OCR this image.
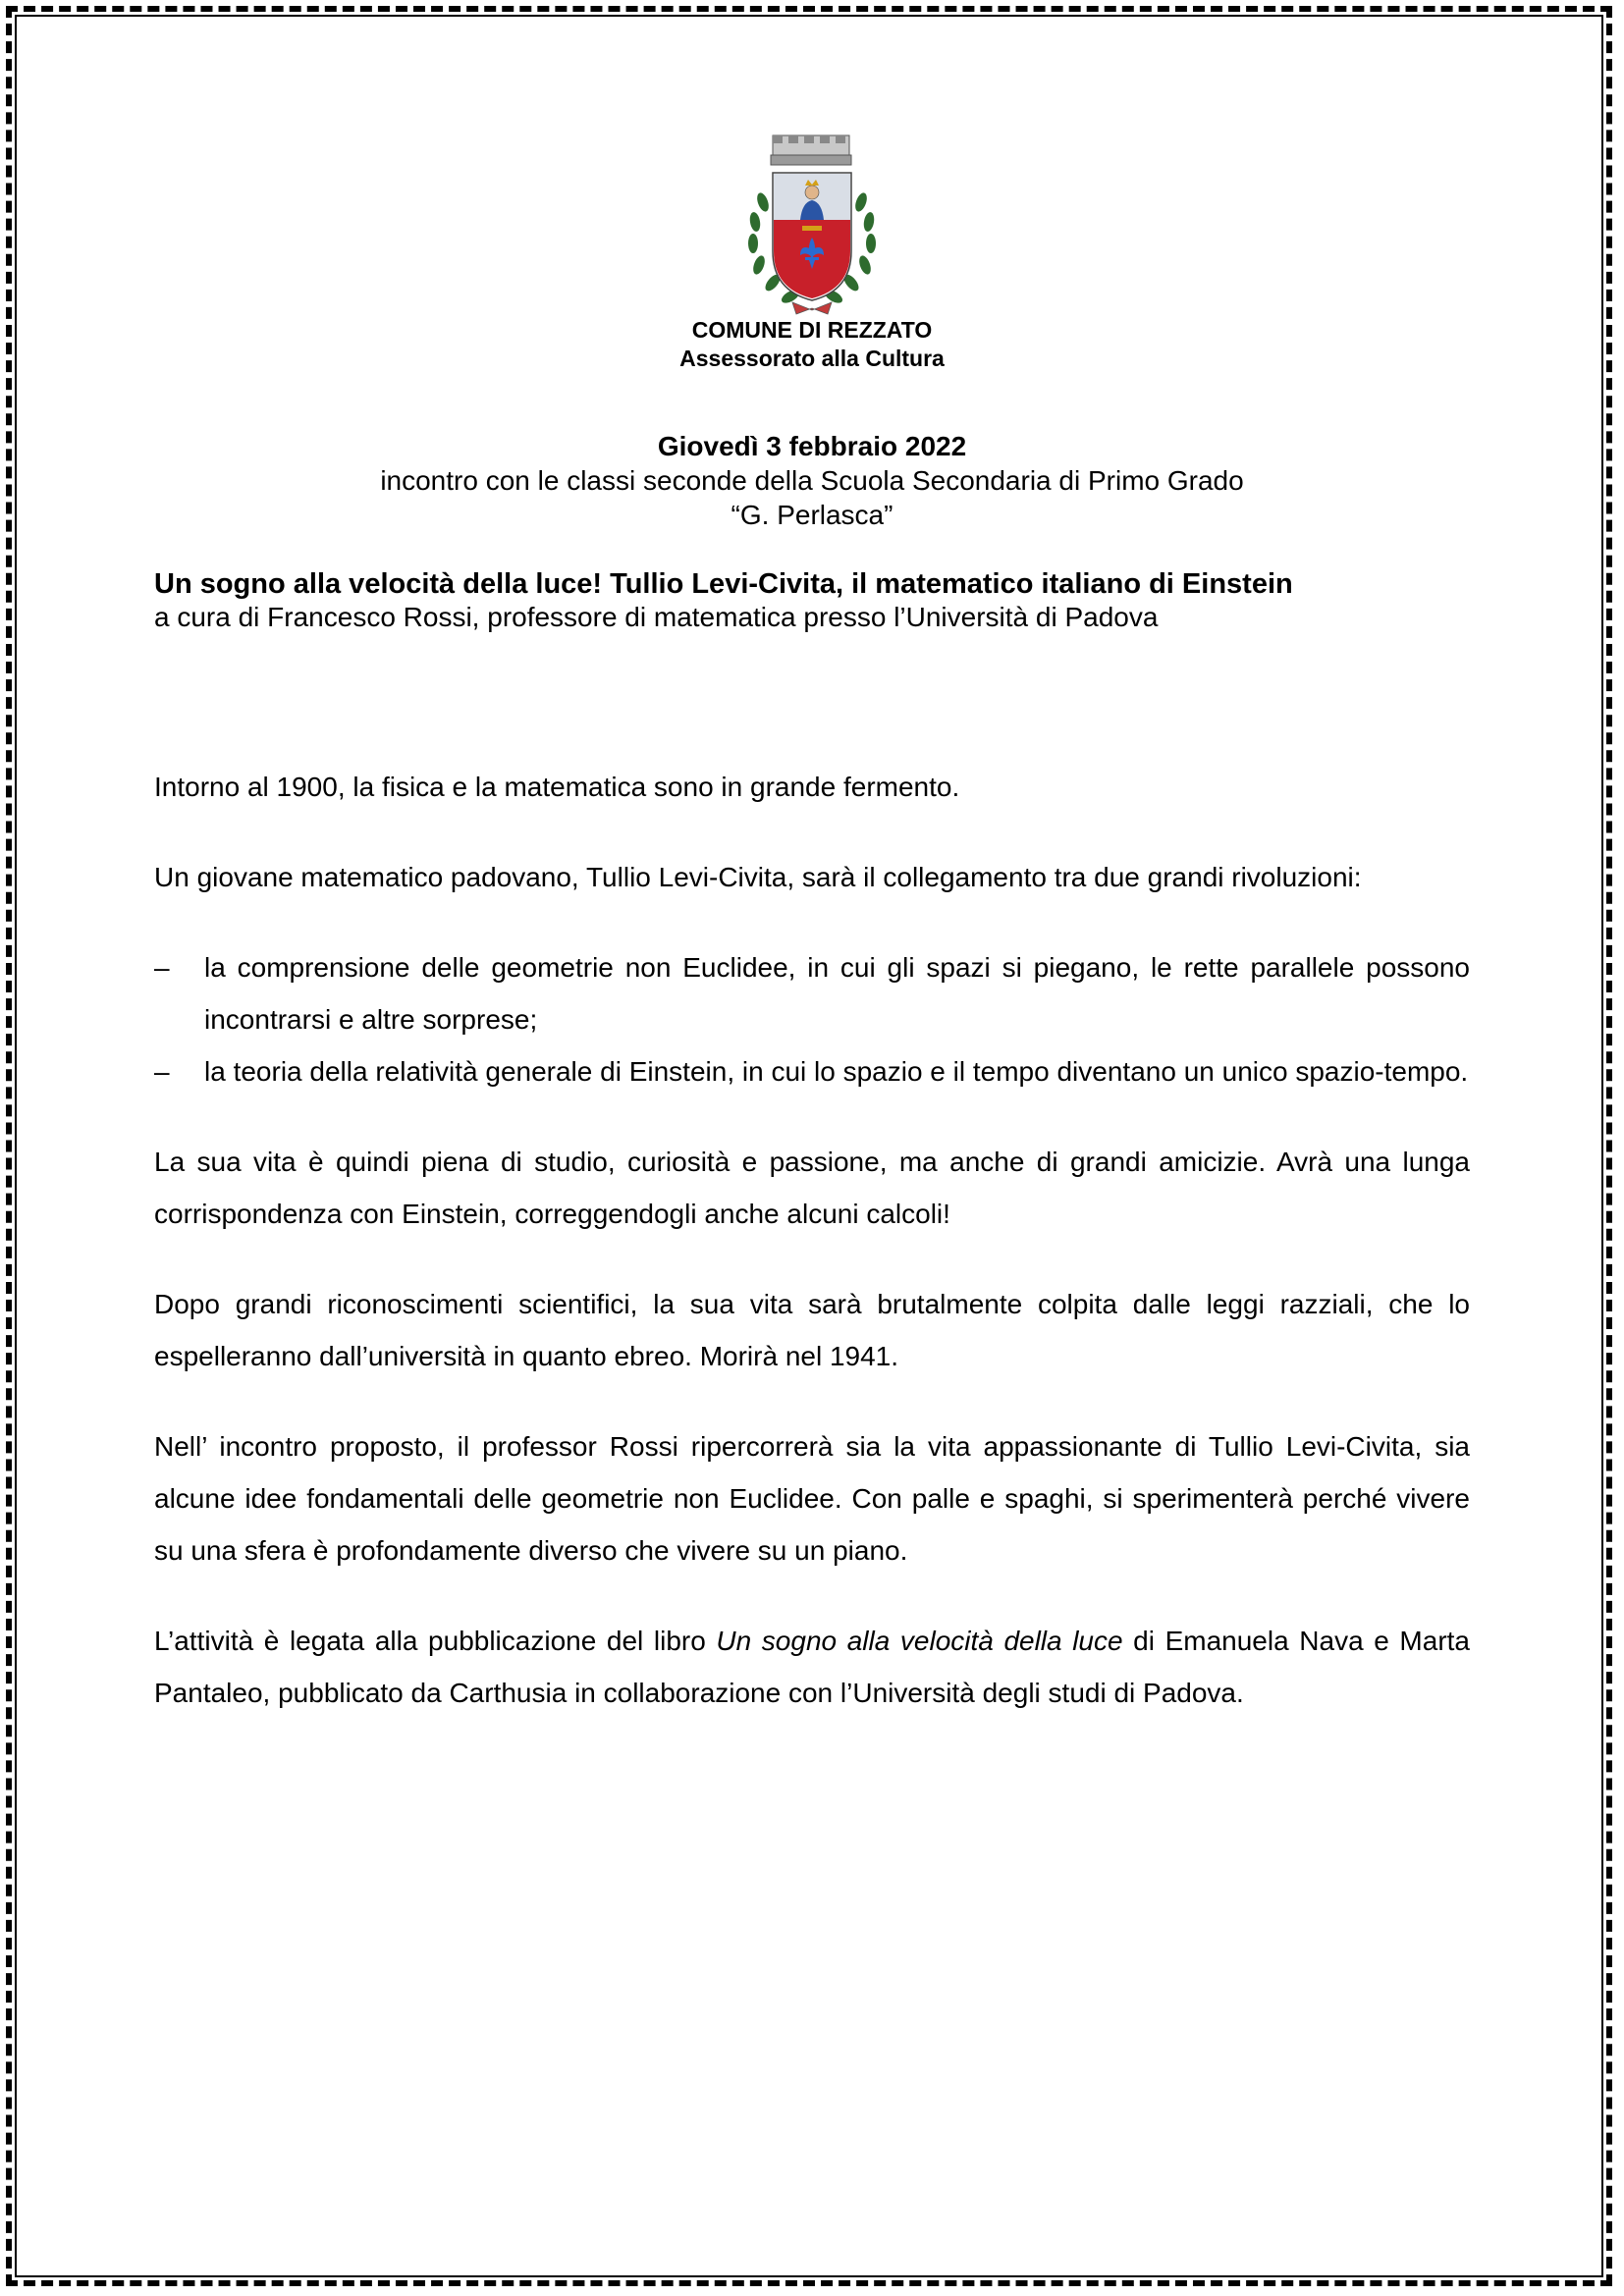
COMUNE DI REZZATO
Assessorato alla Cultura
Giovedì 3 febbraio 2022
incontro con le classi seconde della Scuola Secondaria di Primo Grado
“G. Perlasca”
Un sogno alla velocità della luce! Tullio Levi-Civita, il matematico italiano di Einstein
a cura di Francesco Rossi, professore di matematica presso l’Università di Padova

Intorno al 1900, la fisica e la matematica sono in grande fermento.

Un giovane matematico padovano, Tullio Levi-Civita, sarà il collegamento tra due grandi rivoluzioni:

– la comprensione delle geometrie non Euclidee, in cui gli spazi si piegano, le rette parallele possono incontrarsi e altre sorprese;
– la teoria della relatività generale di Einstein, in cui lo spazio e il tempo diventano un unico spazio-tempo.

La sua vita è quindi piena di studio, curiosità e passione, ma anche di grandi amicizie. Avrà una lunga corrispondenza con Einstein, correggendogli anche alcuni calcoli!

Dopo grandi riconoscimenti scientifici, la sua vita sarà brutalmente colpita dalle leggi razziali, che lo espelleranno dall’università in quanto ebreo. Morirà nel 1941.

Nell’ incontro proposto, il professor Rossi ripercorrerà sia la vita appassionante di Tullio Levi-Civita, sia alcune idee fondamentali delle geometrie non Euclidee. Con palle e spaghi, si sperimenterà perché vivere su una sfera è profondamente diverso che vivere su un piano.

L’attività è legata alla pubblicazione del libro Un sogno alla velocità della luce di Emanuela Nava e Marta Pantaleo, pubblicato da Carthusia in collaborazione con l’Università degli studi di Padova.
